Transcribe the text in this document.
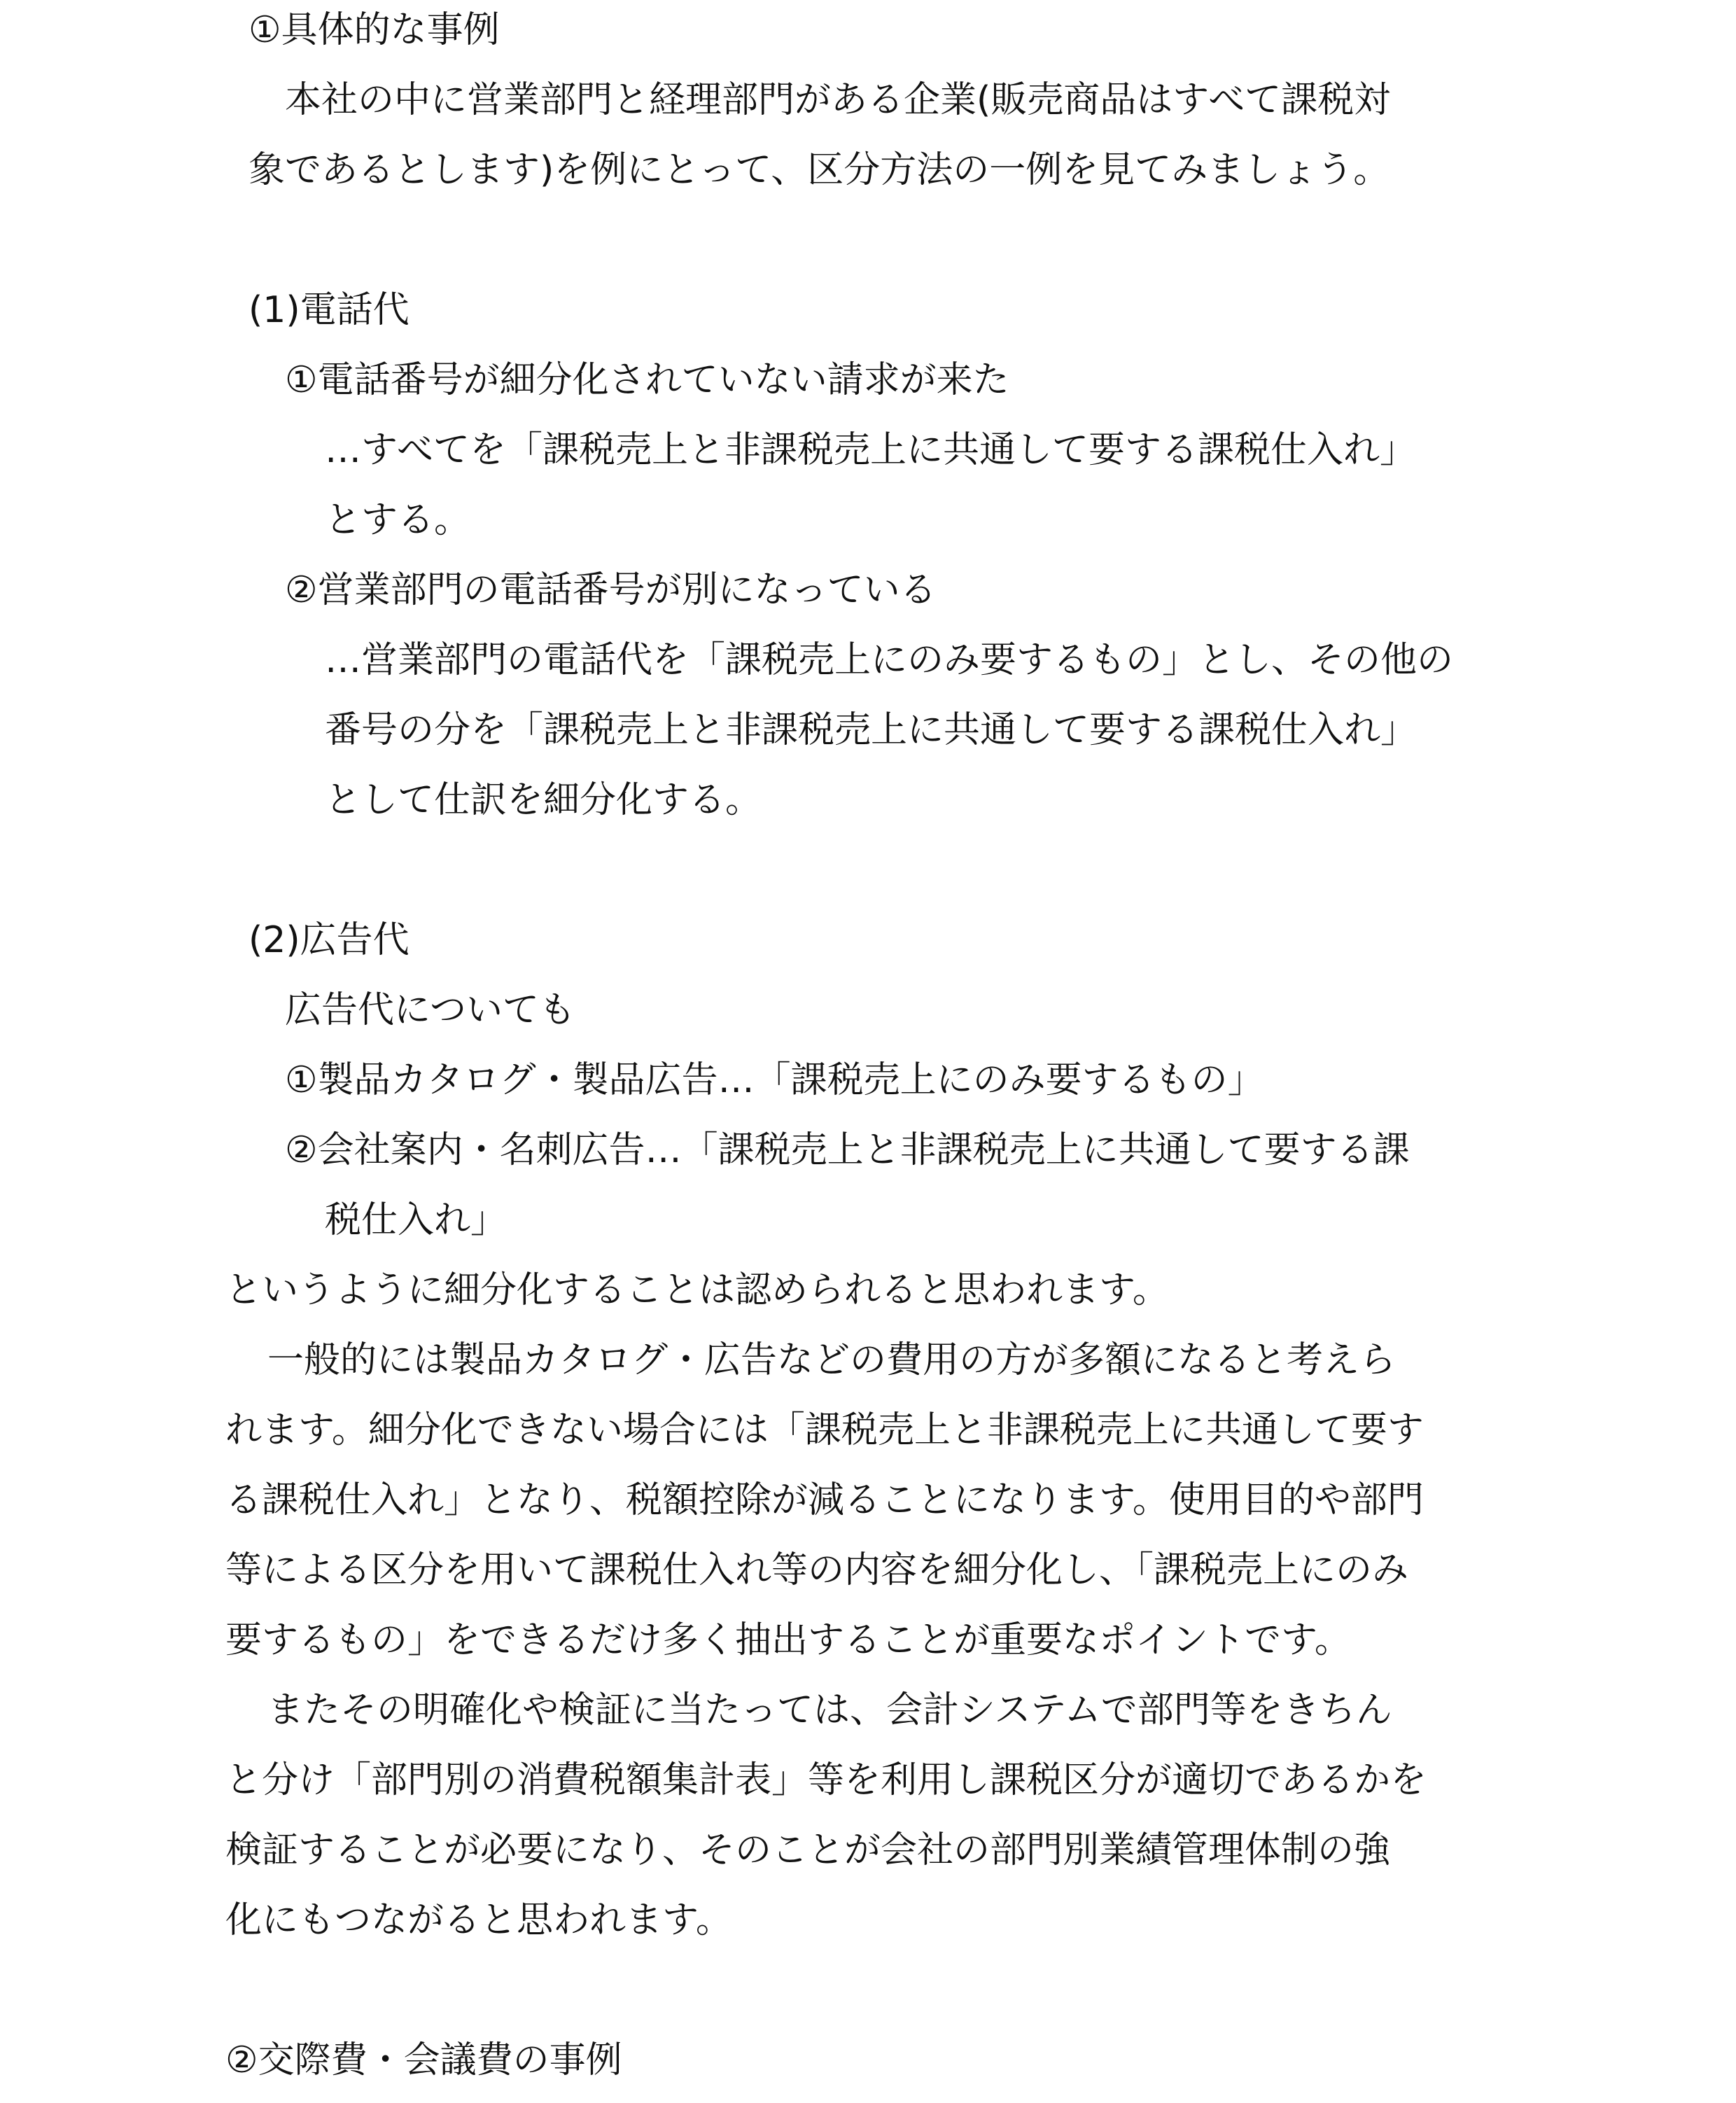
①具体的な事例
本社の中に営業部門と経理部門がある企業(販売商品はすべて課税対
象であるとします)を例にとって、区分方法の一例を見てみましょう。
(1)電話代
①電話番号が細分化されていない請求が来た
…すべてを「課税売上と非課税売上に共通して要する課税仕入れ」
とする。
②営業部門の電話番号が別になっている
…営業部門の電話代を「課税売上にのみ要するもの」とし、その他の
番号の分を「課税売上と非課税売上に共通して要する課税仕入れ」
として仕訳を細分化する。
(2)広告代
広告代についても
①製品カタログ・製品広告…「課税売上にのみ要するもの」
②会社案内・名刺広告…「課税売上と非課税売上に共通して要する課
税仕入れ」
というように細分化することは認められると思われます。
一般的には製品カタログ・広告などの費用の方が多額になると考えら
れます。細分化できない場合には「課税売上と非課税売上に共通して要す
る課税仕入れ」となり、税額控除が減ることになります。使用目的や部門
等による区分を用いて課税仕入れ等の内容を細分化し、「課税売上にのみ
要するもの」をできるだけ多く抽出することが重要なポイントです。
またその明確化や検証に当たっては、会計システムで部門等をきちん
と分け「部門別の消費税額集計表」等を利用し課税区分が適切であるかを
検証することが必要になり、そのことが会社の部門別業績管理体制の強
化にもつながると思われます。
②交際費・会議費の事例
